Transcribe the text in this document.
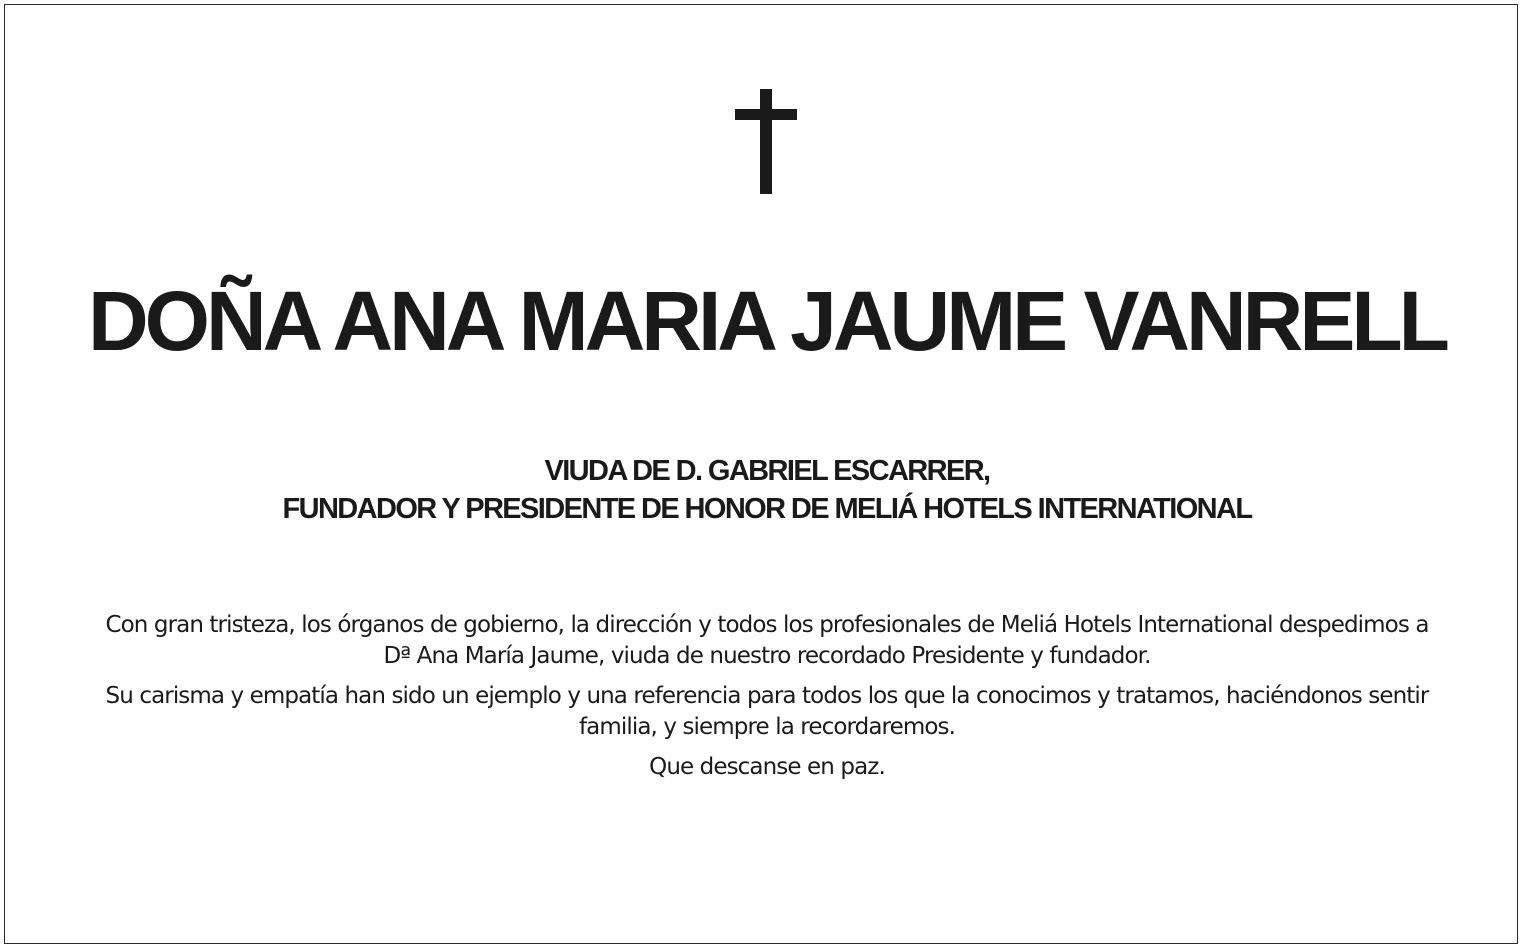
DOÑA ANA MARIA JAUME VANRELL
VIUDA DE D. GABRIEL ESCARRER,
FUNDADOR Y PRESIDENTE DE HONOR DE MELIÁ HOTELS INTERNATIONAL

Con gran tristeza, los órganos de gobierno, la dirección y todos los profesionales de Meliá Hotels International despedimos a
Dª Ana María Jaume, viuda de nuestro recordado Presidente y fundador.

Su carisma y empatía han sido un ejemplo y una referencia para todos los que la conocimos y tratamos, haciéndonos sentir
familia, y siempre la recordaremos.

Que descanse en paz.
